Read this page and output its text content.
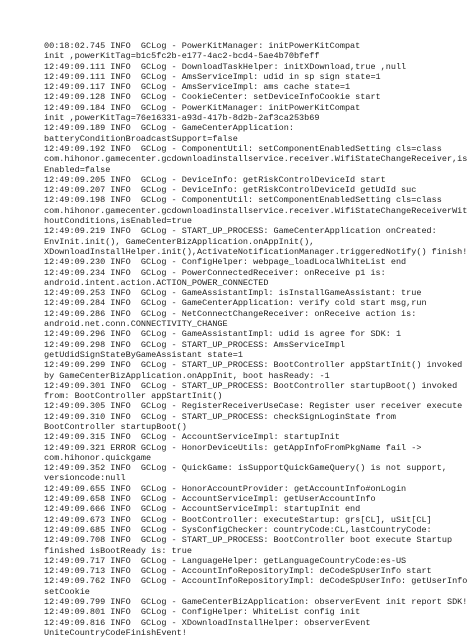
00:18:02.745 INFO  GCLog - PowerKitManager: initPowerKitCompat
init ,powerKitTag=b1c5fc2b-e177-4ac2-bcd4-5ae4b70bfeff
12:49:09.111 INFO  GCLog - DownloadTaskHelper: initXDownload,true ,null
12:49:09.111 INFO  GCLog - AmsServiceImpl: udid in sp sign state=1
12:49:09.117 INFO  GCLog - AmsServiceImpl: ams cache state=1
12:49:09.128 INFO  GCLog - CookieCenter: setDeviceInfoCookie start
12:49:09.184 INFO  GCLog - PowerKitManager: initPowerKitCompat
init ,powerKitTag=76e16331-a93d-417b-8d2b-2af3ca253b69
12:49:09.189 INFO  GCLog - GameCenterApplication:
batteryConditionBroadcastSupport=false
12:49:09.192 INFO  GCLog - ComponentUtil: setComponentEnabledSetting cls=class
com.hihonor.gamecenter.gcdownloadinstallservice.receiver.WifiStateChangeReceiver,is
Enabled=false
12:49:09.205 INFO  GCLog - DeviceInfo: getRiskControlDeviceId start
12:49:09.207 INFO  GCLog - DeviceInfo: getRiskControlDeviceId getUdId suc
12:49:09.198 INFO  GCLog - ComponentUtil: setComponentEnabledSetting cls=class
com.hihonor.gamecenter.gcdownloadinstallservice.receiver.WifiStateChangeReceiverWit
houtConditions,isEnabled=true
12:49:09.219 INFO  GCLog - START_UP_PROCESS: GameCenterApplication onCreated:
EnvInit.init(), GameCenterBizApplication.onAppInit(),
XDownloadInstallHelper.init(),ActivateNotificationManager.triggeredNotify() finish!
12:49:09.230 INFO  GCLog - ConfigHelper: webpage_loadLocalWhiteList end
12:49:09.234 INFO  GCLog - PowerConnectedReceiver: onReceive p1 is:
android.intent.action.ACTION_POWER_CONNECTED
12:49:09.253 INFO  GCLog - GameAssistantImpl: isInstallGameAssistant: true
12:49:09.284 INFO  GCLog - GameCenterApplication: verify cold start msg,run
12:49:09.286 INFO  GCLog - NetConnectChangeReceiver: onReceive action is:
android.net.conn.CONNECTIVITY_CHANGE
12:49:09.296 INFO  GCLog - GameAssistantImpl: udid is agree for SDK: 1
12:49:09.298 INFO  GCLog - START_UP_PROCESS: AmsServiceImpl
getUdidSignStateByGameAssistant state=1
12:49:09.299 INFO  GCLog - START_UP_PROCESS: BootController appStartInit() invoked
by GameCenterBizApplication.onAppInit, boot hasReady: -1
12:49:09.301 INFO  GCLog - START_UP_PROCESS: BootController startupBoot() invoked
from: BootController appStartInit()
12:49:09.305 INFO  GCLog - RegisterReceiverUseCase: Register user receiver execute
12:49:09.310 INFO  GCLog - START_UP_PROCESS: checkSignLoginState from
BootController startupBoot()
12:49:09.315 INFO  GCLog - AccountServiceImpl: startupInit
12:49:09.321 ERROR GCLog - HonorDeviceUtils: getAppInfoFromPkgName fail ->
com.hihonor.quickgame
12:49:09.352 INFO  GCLog - QuickGame: isSupportQuickGameQuery() is not support,
versioncode:null
12:49:09.655 INFO  GCLog - HonorAccountProvider: getAccountInfo#onLogin
12:49:09.658 INFO  GCLog - AccountServiceImpl: getUserAccountInfo
12:49:09.666 INFO  GCLog - AccountServiceImpl: startupInit end
12:49:09.673 INFO  GCLog - BootController: executeStartup: grs[CL], uSit[CL]
12:49:09.685 INFO  GCLog - SysConfigChecker: countryCode:CL,lastCountryCode:
12:49:09.708 INFO  GCLog - START_UP_PROCESS: BootController boot execute Startup
finished isBootReady is: true
12:49:09.717 INFO  GCLog - LanguageHelper: getLanguageCountryCode:es-US
12:49:09.713 INFO  GCLog - AccountInfoRepositoryImpl: deCodeSpUserInfo start
12:49:09.762 INFO  GCLog - AccountInfoRepositoryImpl: deCodeSpUserInfo: getUserInfo
setCookie
12:49:09.799 INFO  GCLog - GameCenterBizApplication: observerEvent init report SDK!
12:49:09.801 INFO  GCLog - ConfigHelper: WhiteList config init
12:49:09.816 INFO  GCLog - XDownloadInstallHelper: observerEvent
UniteCountryCodeFinishEvent!
